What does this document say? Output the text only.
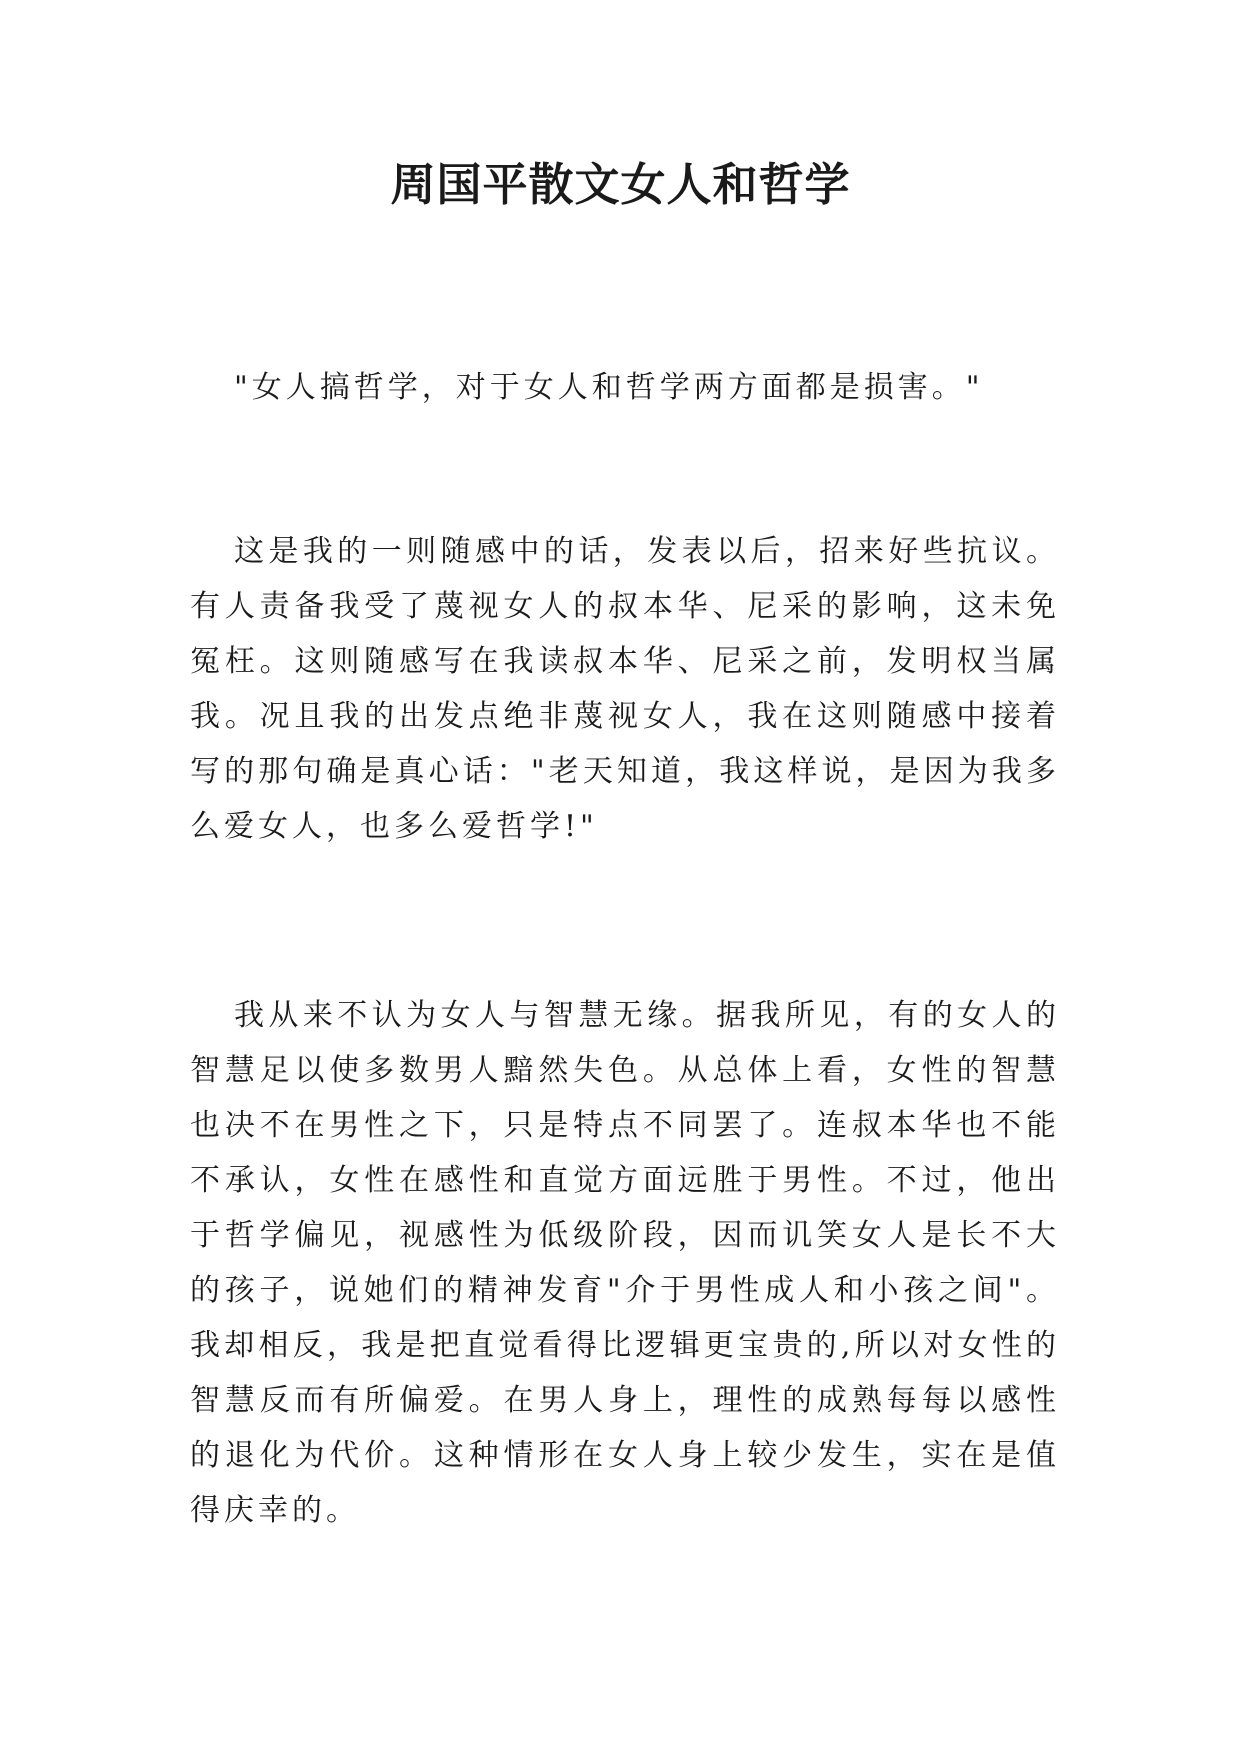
周国平散文女人和哲学

"女人搞哲学，对于女人和哲学两方面都是损害。"

这是我的一则随感中的话，发表以后，招来好些抗议。有人责备我受了蔑视女人的叔本华、尼采的影响，这未免冤枉。这则随感写在我读叔本华、尼采之前，发明权当属我。况且我的出发点绝非蔑视女人，我在这则随感中接着写的那句确是真心话："老天知道，我这样说，是因为我多么爱女人，也多么爱哲学!"

我从来不认为女人与智慧无缘。据我所见，有的女人的智慧足以使多数男人黯然失色。从总体上看，女性的智慧也决不在男性之下，只是特点不同罢了。连叔本华也不能不承认，女性在感性和直觉方面远胜于男性。不过，他出于哲学偏见，视感性为低级阶段，因而讥笑女人是长不大的孩子，说她们的精神发育"介于男性成人和小孩之间"。我却相反，我是把直觉看得比逻辑更宝贵的,所以对女性的智慧反而有所偏爱。在男人身上，理性的成熟每每以感性的退化为代价。这种情形在女人身上较少发生，实在是值得庆幸的。
